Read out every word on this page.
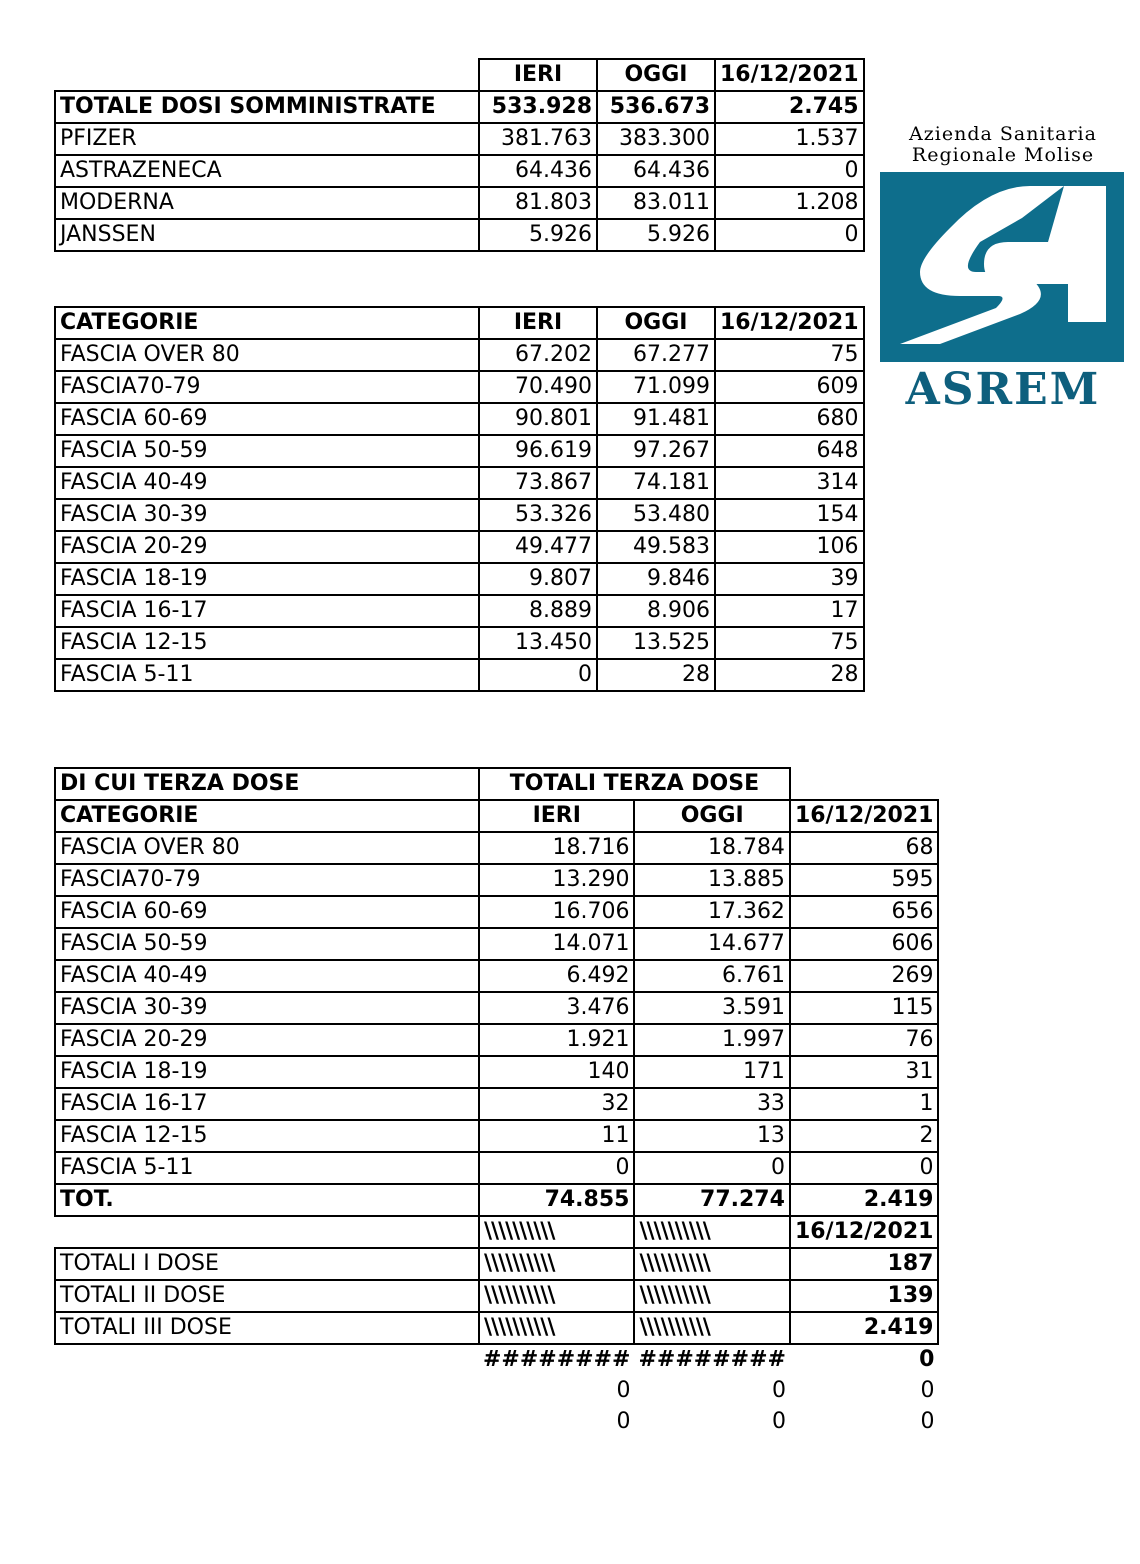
Azienda Sanitaria
Regionale Molise
ASREM
	IERI	OGGI	16/12/2021
TOTALE DOSI SOMMINISTRATE	533.928	536.673	2.745
PFIZER	381.763	383.300	1.537
ASTRAZENECA	64.436	64.436	0
MODERNA	81.803	83.011	1.208
JANSSEN	5.926	5.926	0
CATEGORIE	IERI	OGGI	16/12/2021
FASCIA OVER 80	67.202	67.277	75
FASCIA70-79	70.490	71.099	609
FASCIA 60-69	90.801	91.481	680
FASCIA 50-59	96.619	97.267	648
FASCIA 40-49	73.867	74.181	314
FASCIA 30-39	53.326	53.480	154
FASCIA 20-29	49.477	49.583	106
FASCIA 18-19	9.807	9.846	39
FASCIA 16-17	8.889	8.906	17
FASCIA 12-15	13.450	13.525	75
FASCIA 5-11	0	28	28
DI CUI TERZA DOSE	TOTALI TERZA DOSE		
CATEGORIE	IERI	OGGI	16/12/2021
FASCIA OVER 80	18.716	18.784	68
FASCIA70-79	13.290	13.885	595
FASCIA 60-69	16.706	17.362	656
FASCIA 50-59	14.071	14.677	606
FASCIA 40-49	6.492	6.761	269
FASCIA 30-39	3.476	3.591	115
FASCIA 20-29	1.921	1.997	76
FASCIA 18-19	140	171	31
FASCIA 16-17	32	33	1
FASCIA 12-15	11	13	2
FASCIA 5-11	0	0	0
TOT.	74.855	77.274	2.419
	\\\\\\\\\\	\\\\\\\\\\	16/12/2021
TOTALI I DOSE	\\\\\\\\\\	\\\\\\\\\\	187
TOTALI II DOSE	\\\\\\\\\\	\\\\\\\\\\	139
TOTALI III DOSE	\\\\\\\\\\	\\\\\\\\\\	2.419
	########	########	0
	0	0	0
	0	0	0
